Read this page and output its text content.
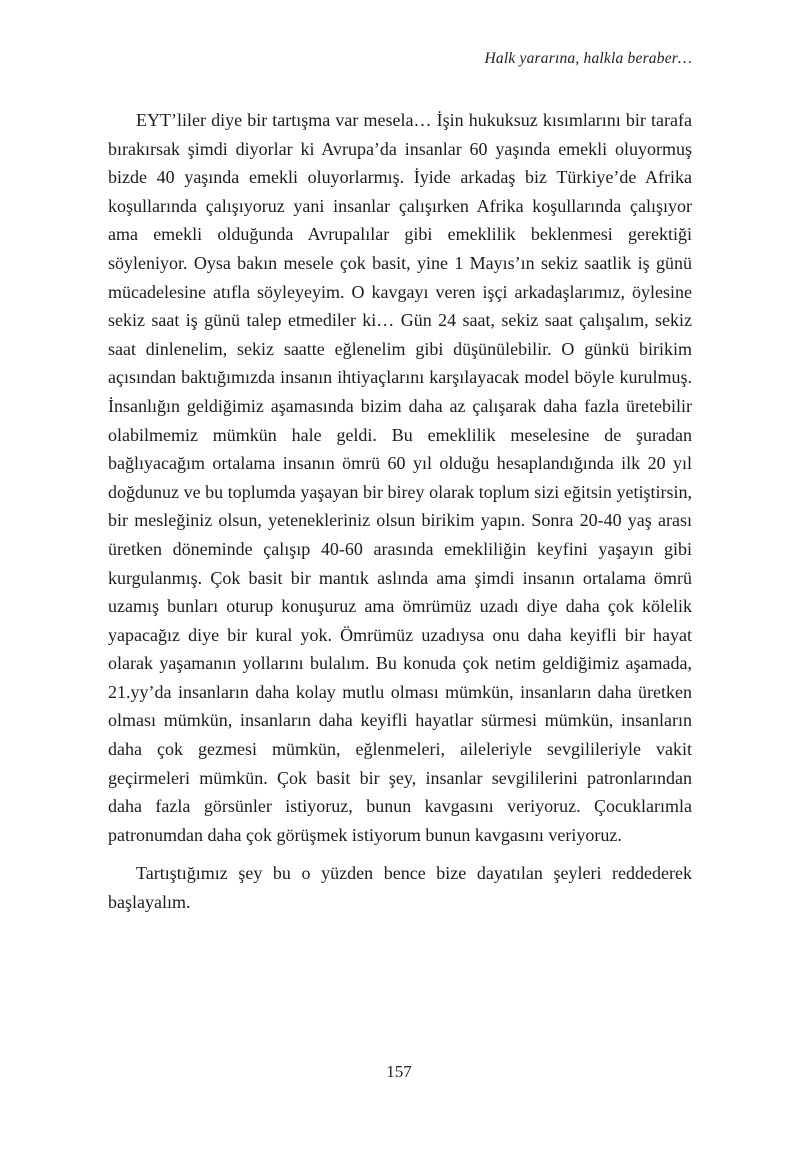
Halk yararına, halkla beraber…

EYT’liler diye bir tartışma var mesela… İşin hukuksuz kısımlarını bir tarafa bırakırsak şimdi diyorlar ki Avrupa’da insanlar 60 yaşında emekli oluyormuş bizde 40 yaşında emekli oluyorlarmış. İyide arkadaş biz Türkiye’de Afrika koşullarında çalışıyoruz yani insanlar çalışırken Afrika koşullarında çalışıyor ama emekli olduğunda Avrupalılar gibi emeklilik beklenmesi gerektiği söyleniyor. Oysa bakın mesele çok basit, yine 1 Mayıs’ın sekiz saatlik iş günü mücadelesine atıfla söyleyeyim. O kavgayı veren işçi arkadaşlarımız, öylesine sekiz saat iş günü talep etmediler ki… Gün 24 saat, sekiz saat çalışalım, sekiz saat dinlenelim, sekiz saatte eğlenelim gibi düşünülebilir. O günkü birikim açısından baktığımızda insanın ihtiyaçlarını karşılayacak model böyle kurulmuş. İnsanlığın geldiğimiz aşamasında bizim daha az çalışarak daha fazla üretebilir olabilmemiz mümkün hale geldi. Bu emeklilik meselesine de şuradan bağlıyacağım ortalama insanın ömrü 60 yıl olduğu hesaplandığında ilk 20 yıl doğdunuz ve bu toplumda yaşayan bir birey olarak toplum sizi eğitsin yetiştirsin, bir mesleğiniz olsun, yetenekleriniz olsun birikim yapın. Sonra 20-40 yaş arası üretken döneminde çalışıp 40-60 arasında emekliliğin keyfini yaşayın gibi kurgulanmış. Çok basit bir mantık aslında ama şimdi insanın ortalama ömrü uzamış bunları oturup konuşuruz ama ömrümüz uzadı diye daha çok kölelik yapacağız diye bir kural yok. Ömrümüz uzadıysa onu daha keyifli bir hayat olarak yaşamanın yollarını bulalım. Bu konuda çok netim geldiğimiz aşamada, 21.yy’da insanların daha kolay mutlu olması mümkün, insanların daha üretken olması mümkün, insanların daha keyifli hayatlar sürmesi mümkün, insanların daha çok gezmesi mümkün, eğlenmeleri, aileleriyle sevgilileriyle vakit geçirmeleri mümkün. Çok basit bir şey, insanlar sevgililerini patronlarından daha fazla görsünler istiyoruz, bunun kavgasını veriyoruz. Çocuklarımla patronumdan daha çok görüşmek istiyorum bunun kavgasını veriyoruz.

Tartıştığımız şey bu o yüzden bence bize dayatılan şeyleri reddederek başlayalım.

157
